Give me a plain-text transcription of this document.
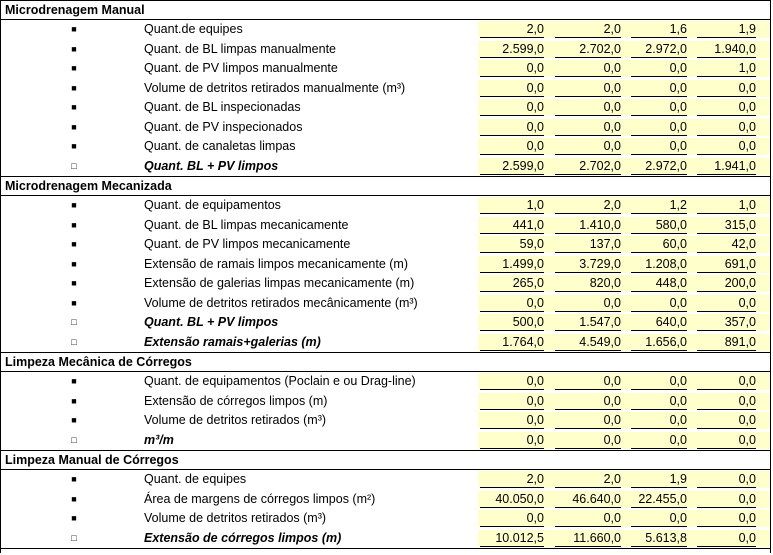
Microdrenagem Manual
■	Quant.de equipes	2,0	2,0	1,6	1,9
■	Quant. de BL limpas manualmente	2.599,0	2.702,0	2.972,0	1.940,0
■	Quant. de PV limpos manualmente	0,0	0,0	0,0	1,0
■	Volume de detritos retirados manualmente (m³)	0,0	0,0	0,0	0,0
■	Quant. de BL inspecionadas	0,0	0,0	0,0	0,0
■	Quant. de PV inspecionados	0,0	0,0	0,0	0,0
■	Quant. de canaletas limpas	0,0	0,0	0,0	0,0
□	Quant. BL + PV limpos	2.599,0	2.702,0	2.972,0	1.941,0
Microdrenagem Mecanizada
■	Quant. de equipamentos	1,0	2,0	1,2	1,0
■	Quant. de BL limpas mecanicamente	441,0	1.410,0	580,0	315,0
■	Quant. de PV limpos mecanicamente	59,0	137,0	60,0	42,0
■	Extensão de ramais limpos mecanicamente (m)	1.499,0	3.729,0	1.208,0	691,0
■	Extensão de galerias limpas mecanicamente (m)	265,0	820,0	448,0	200,0
■	Volume de detritos retirados mecânicamente (m³)	0,0	0,0	0,0	0,0
□	Quant. BL + PV limpos	500,0	1.547,0	640,0	357,0
□	Extensão ramais+galerias (m)	1.764,0	4.549,0	1.656,0	891,0
Limpeza Mecânica de Córregos
■	Quant. de equipamentos (Poclain e ou Drag-line)	0,0	0,0	0,0	0,0
■	Extensão de córregos limpos (m)	0,0	0,0	0,0	0,0
■	Volume de detritos retirados (m³)	0,0	0,0	0,0	0,0
□	m³/m	0,0	0,0	0,0	0,0
Limpeza Manual de Córregos
■	Quant. de equipes	2,0	2,0	1,9	0,0
■	Área de margens de córregos limpos (m²)	40.050,0	46.640,0	22.455,0	0,0
■	Volume de detritos retirados (m³)	0,0	0,0	0,0	0,0
□	Extensão de córregos limpos (m)	10.012,5	11.660,0	5.613,8	0,0
